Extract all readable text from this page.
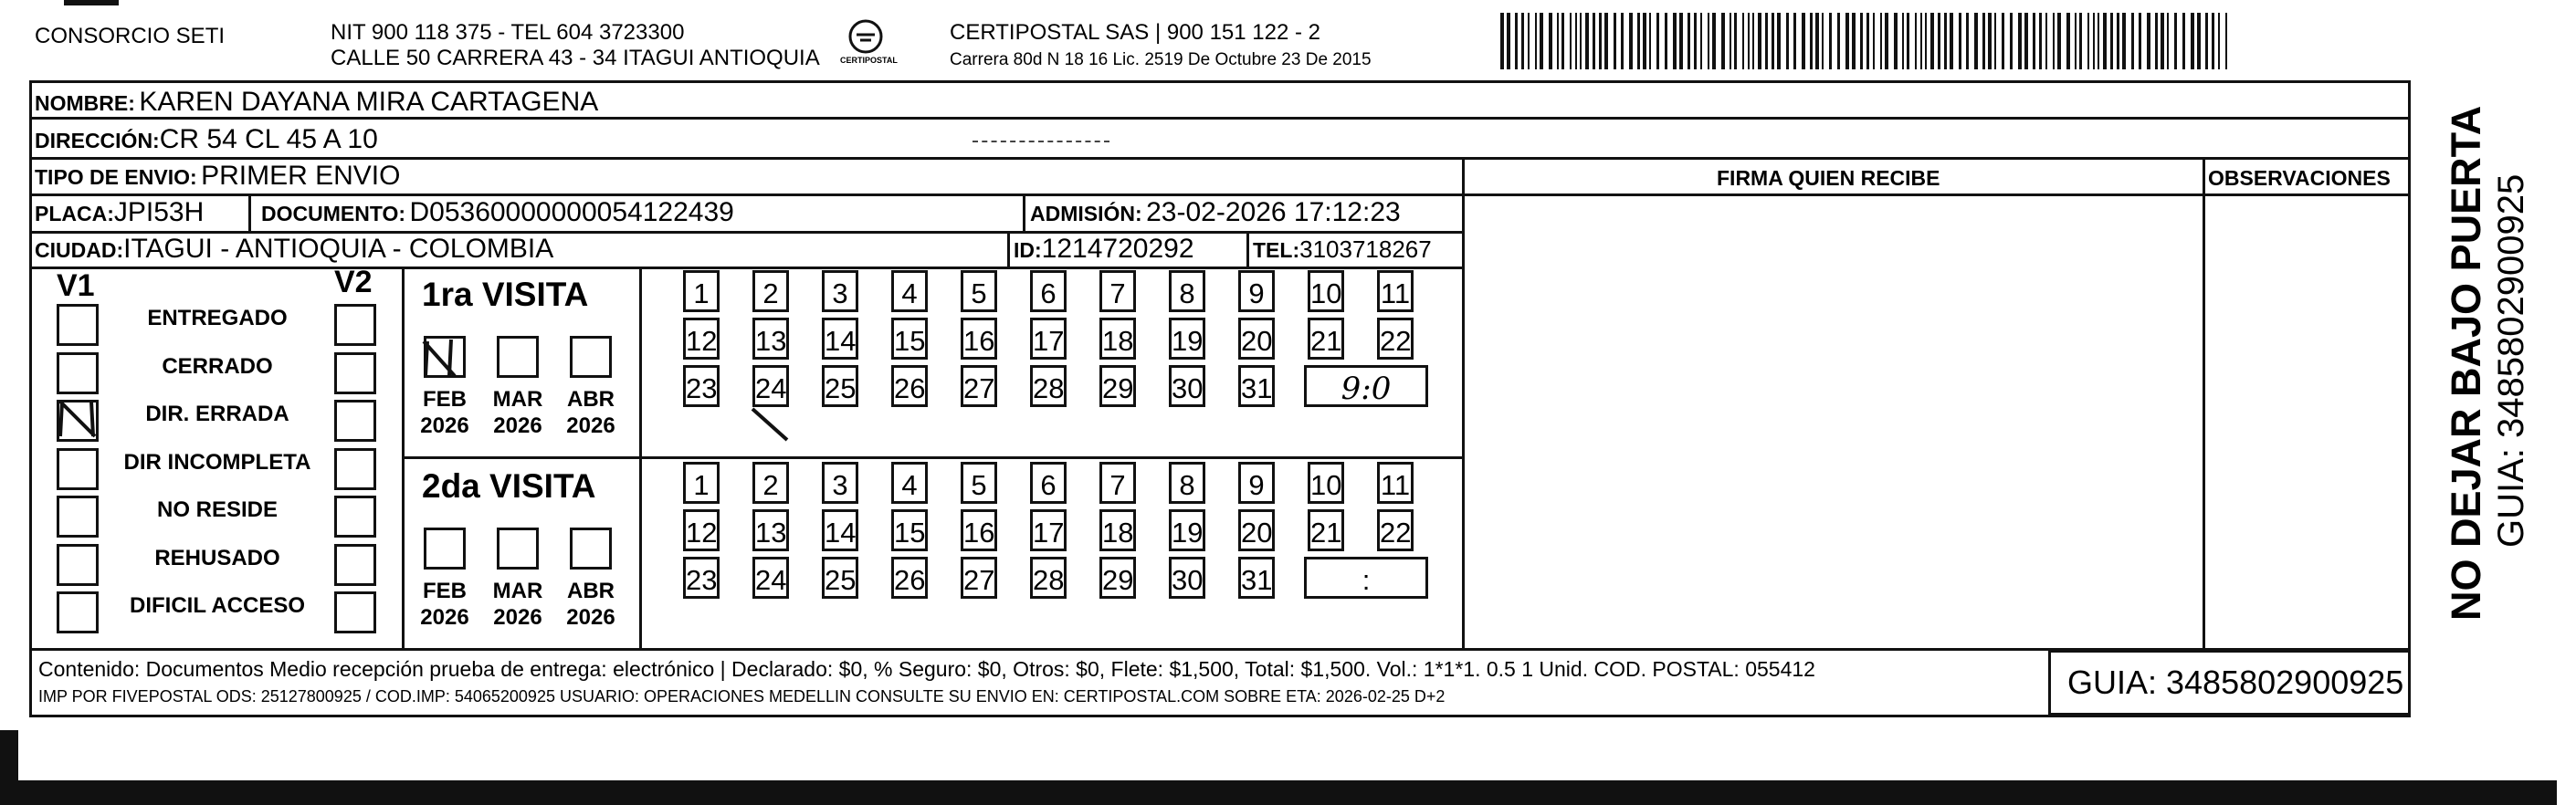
CONSORCIO SETI	NIT 900 118 375 - TEL 604 3723300
CALLE 50 CARRERA 43 - 34 ITAGUI ANTIOQUIA CERTIPOSTAL
CERTIPOSTAL SAS | 900 151 122 - 2
Carrera 80d N 18 16 Lic. 2519 De Octubre 23 De 2015
NOMBRE: KAREN DAYANA MIRA CARTAGENA
DIRECCIÓN:CR 54 CL 45 A 10
TIPO DE ENVIO: PRIMER ENVIO	FIRMA QUIEN RECIBE	OBSERVACIONES
PLACA:JPI53H	DOCUMENTO: D05360000000054122439	ADMISIÓN: 23-02-2026 17:12:23
CIUDAD:ITAGUI - ANTIOQUIA - COLOMBIA	ID:1214720292	TEL:3103718267
V1	V2
ENTREGADO
CERRADO
DIR. ERRADA
DIR INCOMPLETA
NO RESIDE
REHUSADO
DIFICIL ACCESO
1ra VISITA
2da VISITA
FEB
2026
MAR
2026
ABR
2026
FEB
2026
MAR
2026
ABR
2026
1	2	3	4	5	6	7	8	9	10 11
12 13 14 15 16 17 18 19 20 21 22
23 24 25 26 27 28 29 30 31	9:0
1	2	3	4	5	6	7	8	9	10 11
12 13 14 15 16 17 18 19 20 21 22
23 24 25 26 27 28 29 30 31	:
Contenido: Documentos Medio recepción prueba de entrega: electrónico | Declarado: $0, % Seguro: $0, Otros: $0, Flete: $1,500, Total: $1,500. Vol.: 1*1*1. 0.5 1 Unid. COD. POSTAL: 055412
IMP POR FIVEPOSTAL ODS: 25127800925 / COD.IMP: 54065200925 USUARIO: OPERACIONES MEDELLIN CONSULTE SU ENVIO EN: CERTIPOSTAL.COM SOBRE ETA: 2026-02-25 D+2	GUIA: 3485802900925
NO DEJAR BAJO PUERTA GUIA: 3485802900925
